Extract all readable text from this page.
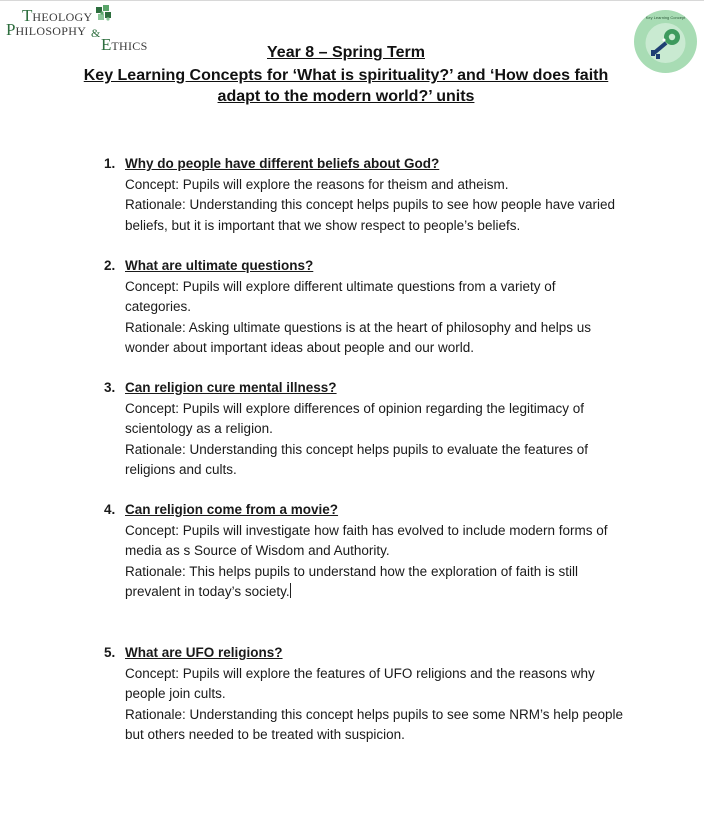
THEOLOGY
PHILOSOPHY &
ETHICS
Key Learning Concept
Year 8 – Spring Term
Key Learning Concepts for ‘What is spirituality?’ and ‘How does faith adapt to the modern world?’ units
1. Why do people have different beliefs about God?
Concept: Pupils will explore the reasons for theism and atheism.
Rationale: Understanding this concept helps pupils to see how people have varied beliefs, but it is important that we show respect to people’s beliefs.
2. What are ultimate questions?
Concept: Pupils will explore different ultimate questions from a variety of categories.
Rationale: Asking ultimate questions is at the heart of philosophy and helps us wonder about important ideas about people and our world.
3. Can religion cure mental illness?
Concept: Pupils will explore differences of opinion regarding the legitimacy of scientology as a religion.
Rationale: Understanding this concept helps pupils to evaluate the features of religions and cults.
4. Can religion come from a movie?
Concept: Pupils will investigate how faith has evolved to include modern forms of media as s Source of Wisdom and Authority.
Rationale: This helps pupils to understand how the exploration of faith is still prevalent in today’s society.
5. What are UFO religions?
Concept: Pupils will explore the features of UFO religions and the reasons why people join cults.
Rationale: Understanding this concept helps pupils to see some NRM’s help people but others needed to be treated with suspicion.
